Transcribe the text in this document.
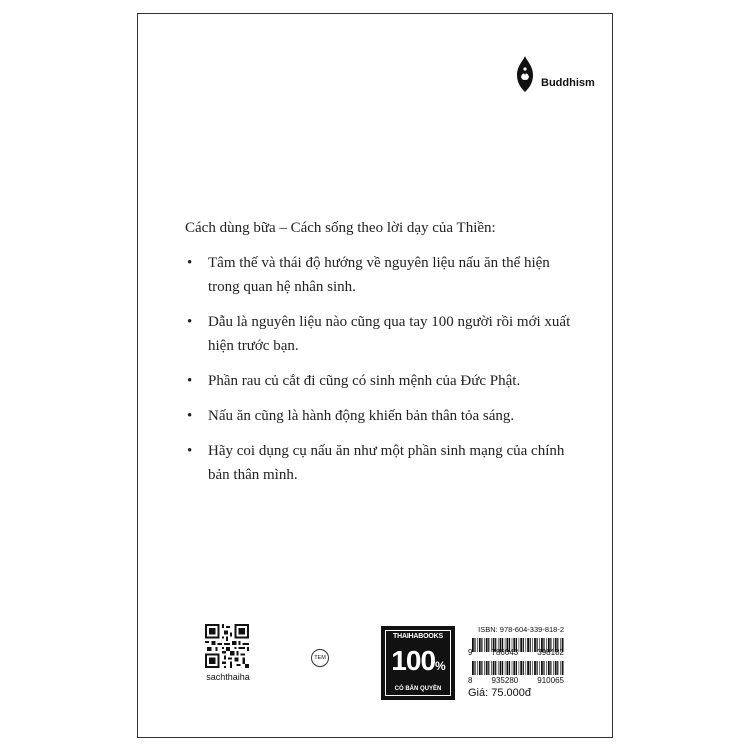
Buddhism

Cách dùng bữa – Cách sống theo lời dạy của Thiền:

• Tâm thế và thái độ hướng về nguyên liệu nấu ăn thể hiện trong quan hệ nhân sinh.
• Dẫu là nguyên liệu nào cũng qua tay 100 người rồi mới xuất hiện trước bạn.
• Phần rau củ cắt đi cũng có sinh mệnh của Đức Phật.
• Nấu ăn cũng là hành động khiến bản thân tỏa sáng.
• Hãy coi dụng cụ nấu ăn như một phần sinh mạng của chính bản thân mình.
sachthaiha
TEM
THAIHABOOKS
100%
CÓ BẢN QUYỀN
ISBN: 978-604-339-818-2
9 786043 398182
8 935280 910065
Giá: 75.000đ
